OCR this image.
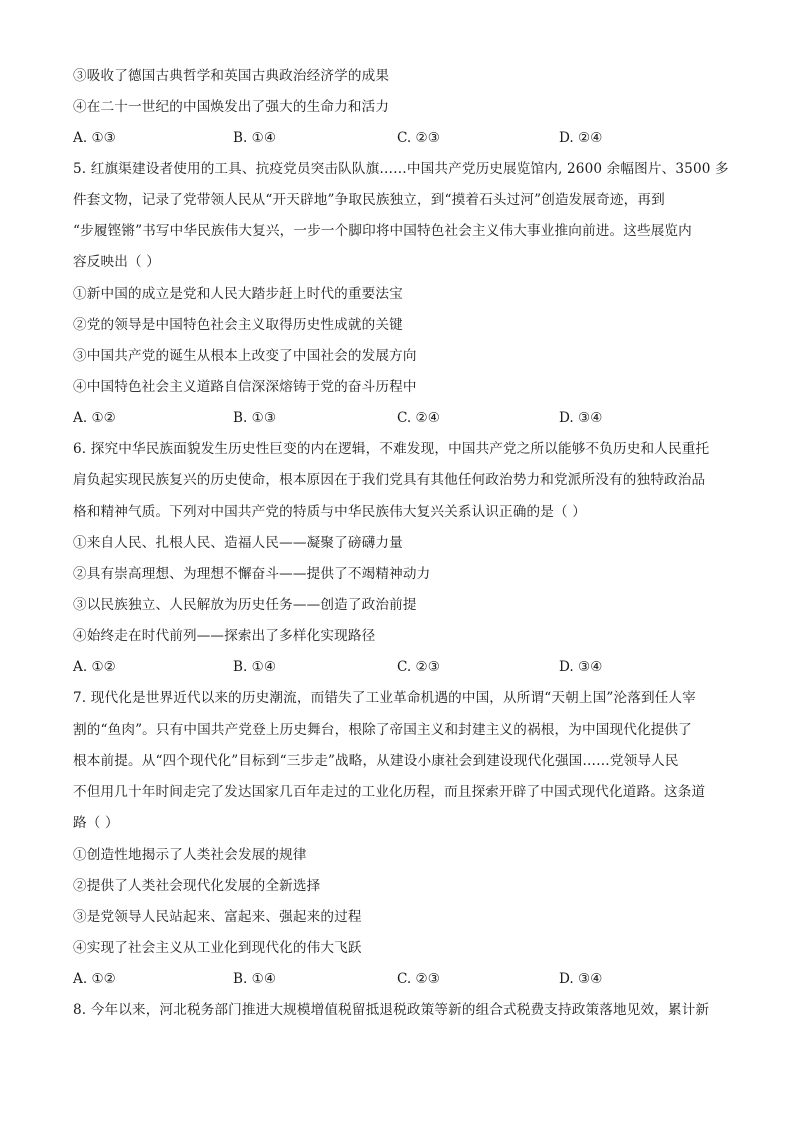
③吸收了德国古典哲学和英国古典政治经济学的成果
④在二十一世纪的中国焕发出了强大的生命力和活力
A. ①③	B. ①④	C. ②③	D. ②④
5. 红旗渠建设者使用的工具、抗疫党员突击队队旗……中国共产党历史展览馆内, 2600 余幅图片、3500 多
件套文物，记录了党带领人民从“开天辟地”争取民族独立，到“摸着石头过河”创造发展奇迹，再到
“步履铿锵”书写中华民族伟大复兴，一步一个脚印将中国特色社会主义伟大事业推向前进。这些展览内
容反映出（ ）
①新中国的成立是党和人民大踏步赶上时代的重要法宝
②党的领导是中国特色社会主义取得历史性成就的关键
③中国共产党的诞生从根本上改变了中国社会的发展方向
④中国特色社会主义道路自信深深熔铸于党的奋斗历程中
A. ①②	B. ①③	C. ②④	D. ③④
6. 探究中华民族面貌发生历史性巨变的内在逻辑，不难发现，中国共产党之所以能够不负历史和人民重托
肩负起实现民族复兴的历史使命，根本原因在于我们党具有其他任何政治势力和党派所没有的独特政治品
格和精神气质。下列对中国共产党的特质与中华民族伟大复兴关系认识正确的是（ ）
①来自人民、扎根人民、造福人民——凝聚了磅礴力量
②具有崇高理想、为理想不懈奋斗——提供了不竭精神动力
③以民族独立、人民解放为历史任务——创造了政治前提
④始终走在时代前列——探索出了多样化实现路径
A. ①②	B. ①④	C. ②③	D. ③④
7. 现代化是世界近代以来的历史潮流，而错失了工业革命机遇的中国，从所谓“天朝上国”沦落到任人宰
割的“鱼肉”。只有中国共产党登上历史舞台，根除了帝国主义和封建主义的祸根，为中国现代化提供了
根本前提。从“四个现代化”目标到“三步走”战略，从建设小康社会到建设现代化强国……党领导人民
不但用几十年时间走完了发达国家几百年走过的工业化历程，而且探索开辟了中国式现代化道路。这条道
路（ ）
①创造性地揭示了人类社会发展的规律
②提供了人类社会现代化发展的全新选择
③是党领导人民站起来、富起来、强起来的过程
④实现了社会主义从工业化到现代化的伟大飞跃
A. ①②	B. ①④	C. ②③	D. ③④
8. 今年以来，河北税务部门推进大规模增值税留抵退税政策等新的组合式税费支持政策落地见效，累计新
